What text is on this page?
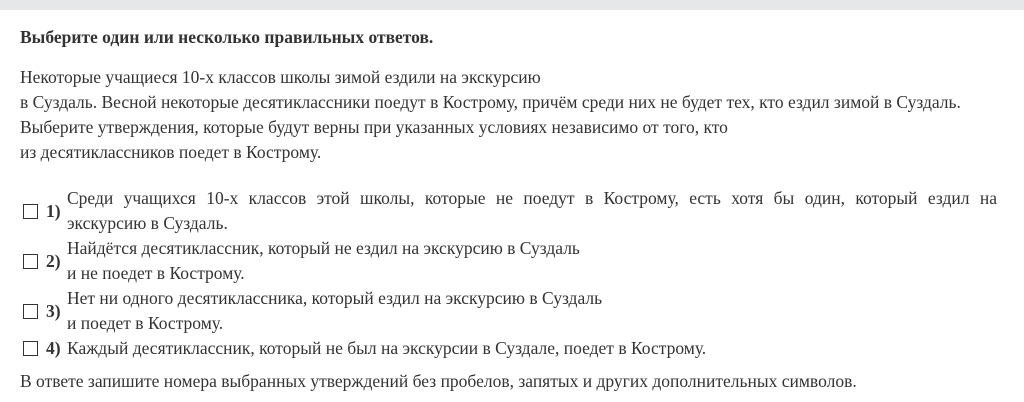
Выберите один или несколько правильных ответов.
Некоторые учащиеся 10-х классов школы зимой ездили на экскурсию
в Суздаль. Весной некоторые десятиклассники поедут в Кострому, причём среди них не будет тех, кто ездил зимой в Суздаль.
Выберите утверждения, которые будут верны при указанных условиях независимо от того, кто
из десятиклассников поедет в Кострому.
1)
Среди учащихся 10-х классов этой школы, которые не поедут в Кострому, есть хотя бы один, который ездил на
экскурсию в Суздаль.
2)
Найдётся десятиклассник, который не ездил на экскурсию в Суздаль
и не поедет в Кострому.
3)
Нет ни одного десятиклассника, который ездил на экскурсию в Суздаль
и поедет в Кострому.
4) Каждый десятиклассник, который не был на экскурсии в Суздале, поедет в Кострому.
В ответе запишите номера выбранных утверждений без пробелов, запятых и других дополнительных символов.
